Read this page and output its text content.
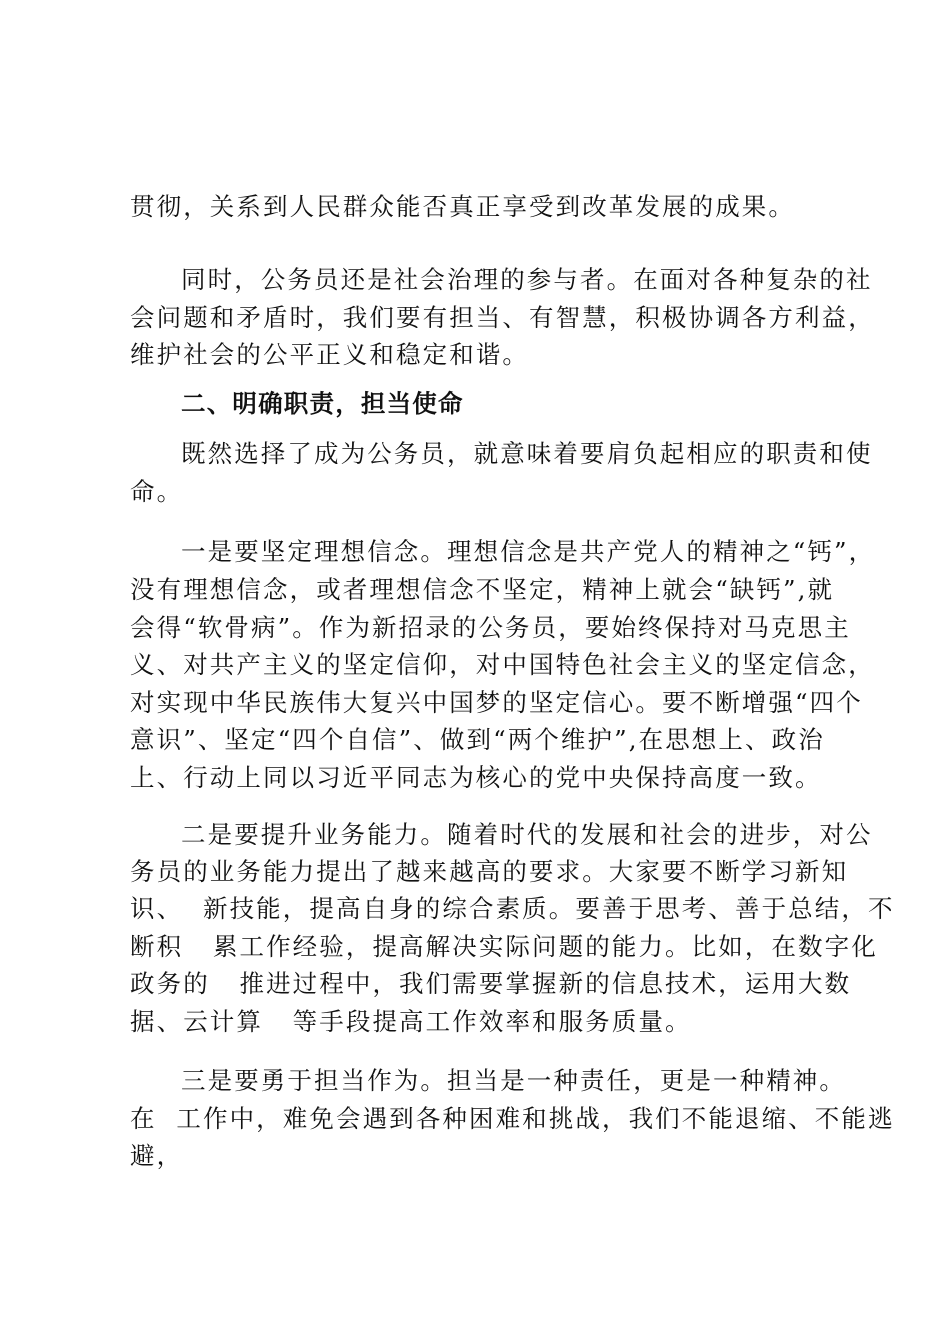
贯彻，关系到人民群众能否真正享受到改革发展的成果。

同时，公务员还是社会治理的参与者。在面对各种复杂的社

会问题和矛盾时，我们要有担当、有智慧，积极协调各方利益，

维护社会的公平正义和稳定和谐。

二、明确职责，担当使命

既然选择了成为公务员，就意味着要肩负起相应的职责和使

命。

一是要坚定理想信念。理想信念是共产党人的精神之“钙”，

没有理想信念，或者理想信念不坚定，精神上就会“缺钙”,就

会得“软骨病”。作为新招录的公务员，要始终保持对马克思主

义、对共产主义的坚定信仰，对中国特色社会主义的坚定信念，

对实现中华民族伟大复兴中国梦的坚定信心。要不断增强“四个

意识”、坚定“四个自信”、做到“两个维护”,在思想上、政治

上、行动上同以习近平同志为核心的党中央保持高度一致。

二是要提升业务能力。随着时代的发展和社会的进步，对公

务员的业务能力提出了越来越高的要求。大家要不断学习新知

识、  新技能，提高自身的综合素质。要善于思考、善于总结，不

断积   累工作经验，提高解决实际问题的能力。比如，在数字化

政务的   推进过程中，我们需要掌握新的信息技术，运用大数

据、云计算   等手段提高工作效率和服务质量。

三是要勇于担当作为。担当是一种责任，更是一种精神。

在  工作中，难免会遇到各种困难和挑战，我们不能退缩、不能逃

避，
